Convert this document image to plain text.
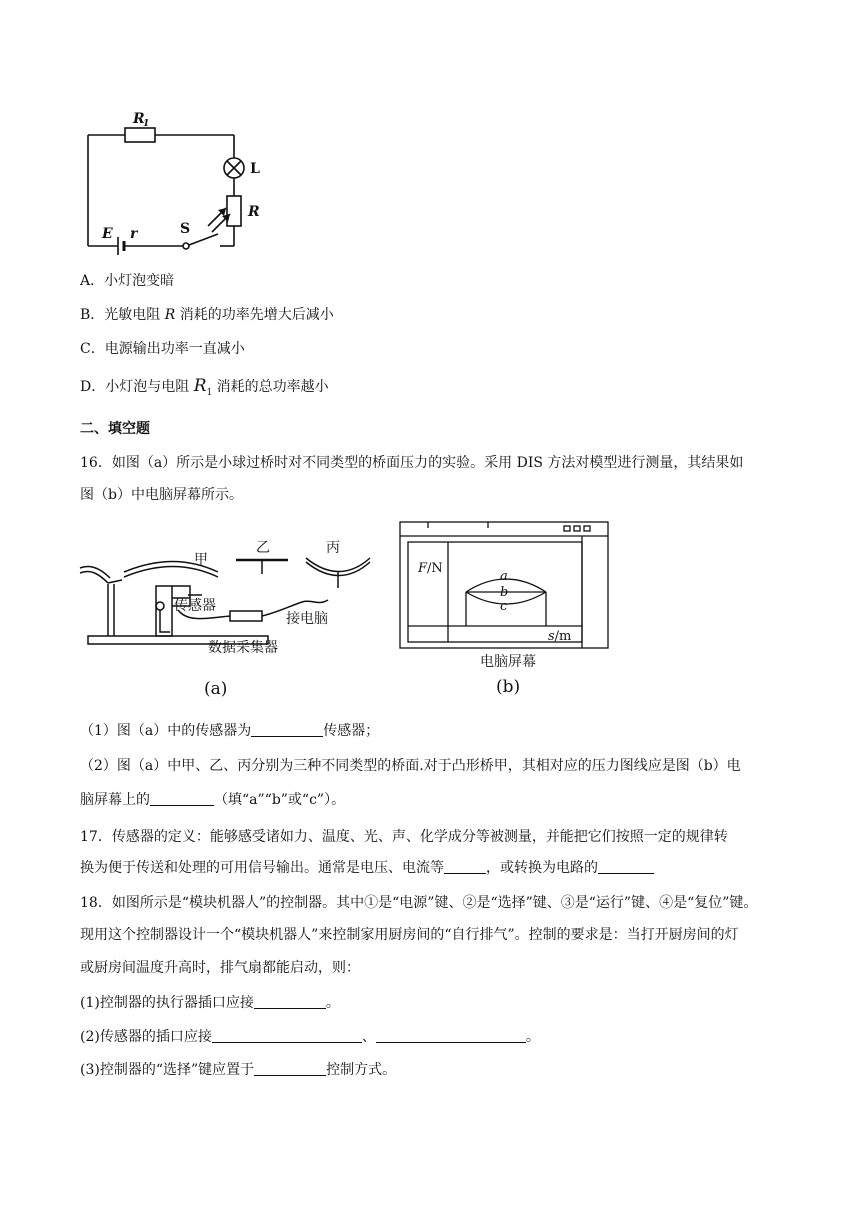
R
1
L
R
E r	S
A．小灯泡变暗
B．光敏电阻 R 消耗的功率先增大后减小
C．电源输出功率一直减小
D．小灯泡与电阻 $R_1$ 消耗的总功率越小
二、填空题
16．如图（a）所示是小球过桥时对不同类型的桥面压力的实验。采用 DIS 方法对模型进行测量，其结果如
图（b）中电脑屏幕所示。
甲
乙	丙
传感器
接电脑
数据采集器
(a)
F/N
a
b
c
s/m
电脑屏幕
(b)
（1）图（a）中的传感器为	传感器；
（2）图（a）中甲、乙、丙分别为三种不同类型的桥面.对于凸形桥甲，其相对应的压力图线应是图（b）电
脑屏幕上的	（填“a”“b”或“c”）。
17．传感器的定义：能够感受诸如力、温度、光、声、化学成分等被测量，并能把它们按照一定的规律转
换为便于传送和处理的可用信号输出。通常是电压、电流等	，或转换为电路的
18．如图所示是“模块机器人”的控制器。其中①是“电源”键、②是“选择”键、③是“运行”键、④是“复位”键。
现用这个控制器设计一个“模块机器人”来控制家用厨房间的“自行排气”。控制的要求是：当打开厨房间的灯
或厨房间温度升高时，排气扇都能启动，则：
(1)控制器的执行器插口应接	。
(2)传感器的插口应接	、	。
(3)控制器的“选择”键应置于	控制方式。
